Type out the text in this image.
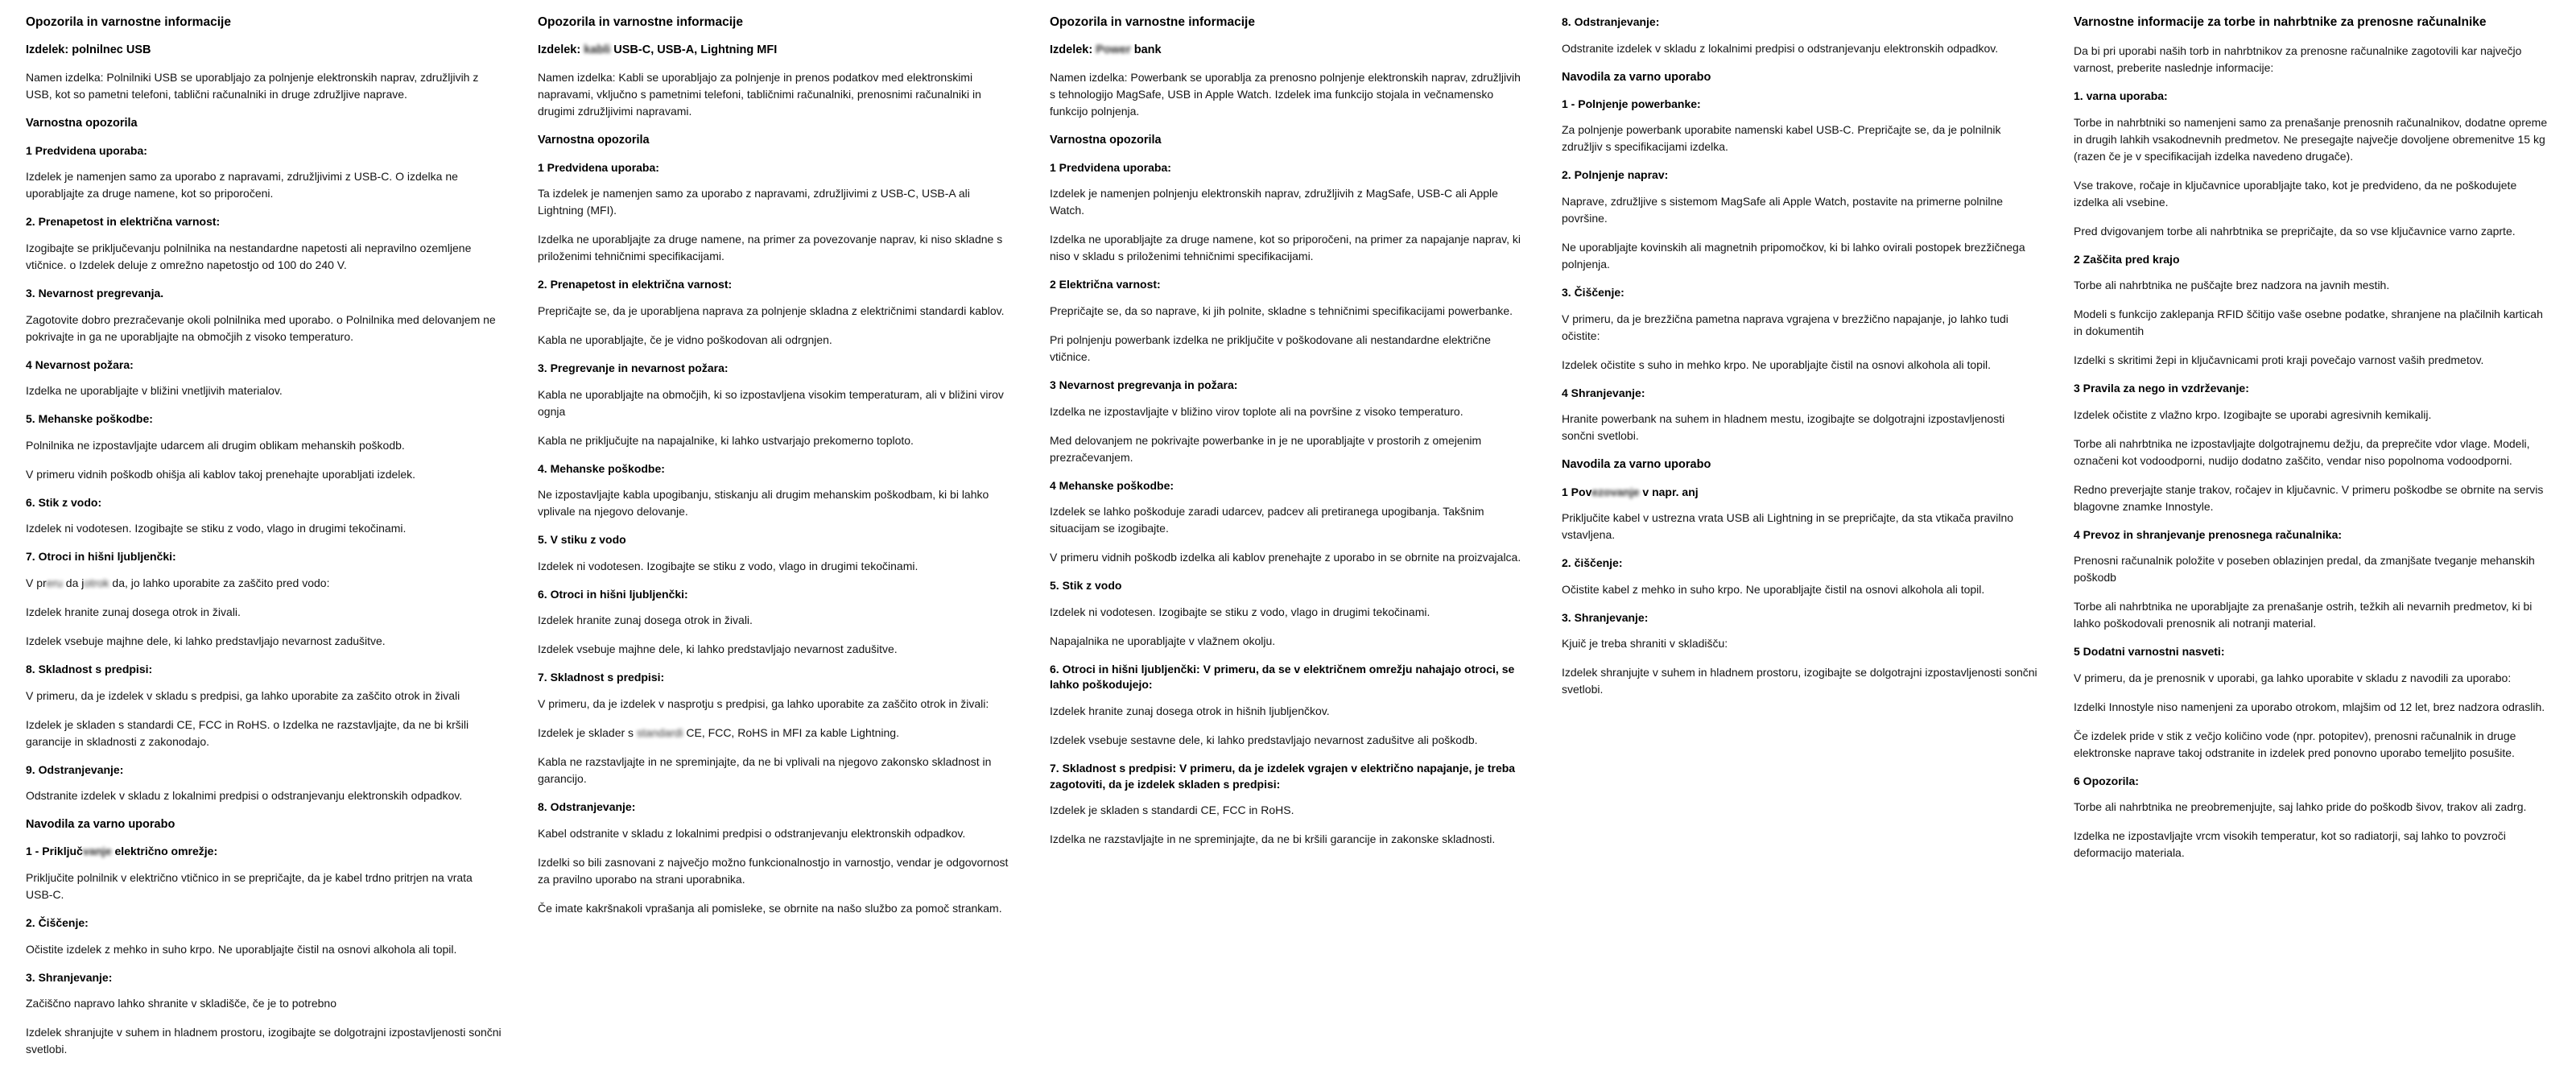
Opozorila in varnostne informacije
Izdelek: polnilnec USB

Namen izdelka: Polnilniki USB se uporabljajo za polnjenje elektronskih naprav, združljivih z USB, kot so pametni telefoni, tablični računalniki in druge združljive naprave.

Varnostna opozorila
1 Predvidena uporaba:

Izdelek je namenjen samo za uporabo z napravami, združljivimi z USB-C. O izdelka ne uporabljajte za druge namene, kot so priporočeni.

2. Prenapetost in električna varnost:

Izogibajte se priključevanju polnilnika na nestandardne napetosti ali nepravilno ozemljene vtičnice. o Izdelek deluje z omrežno napetostjo od 100 do 240 V.

3. Nevarnost pregrevanja.

Zagotovite dobro prezračevanje okoli polnilnika med uporabo. o Polnilnika med delovanjem ne pokrivajte in ga ne uporabljajte na območjih z visoko temperaturo.

4 Nevarnost požara:

Izdelka ne uporabljajte v bližini vnetljivih materialov.

5. Mehanske poškodbe:

Polnilnika ne izpostavljajte udarcem ali drugim oblikam mehanskih poškodb.

V primeru vidnih poškodb ohišja ali kablov takoj prenehajte uporabljati izdelek.

6. Stik z vodo:

Izdelek ni vodotesen. Izogibajte se stiku z vodo, vlago in drugimi tekočinami.

7. Otroci in hišni ljubljenčki:

V preru da jotrok da, jo lahko uporabite za zaščito pred vodo:

Izdelek hranite zunaj dosega otrok in živali.

Izdelek vsebuje majhne dele, ki lahko predstavljajo nevarnost zadušitve.

8. Skladnost s predpisi:

V primeru, da je izdelek v skladu s predpisi, ga lahko uporabite za zaščito otrok in živali

Izdelek je skladen s standardi CE, FCC in RoHS. o Izdelka ne razstavljajte, da ne bi kršili garancije in skladnosti z zakonodajo.

9. Odstranjevanje:

Odstranite izdelek v skladu z lokalnimi predpisi o odstranjevanju elektronskih odpadkov.

Navodila za varno uporabo
1 - Priključvanje električno omrežje:

Priključite polnilnik v električno vtičnico in se prepričajte, da je kabel trdno pritrjen na vrata USB-C.

2. Čiščenje:

Očistite izdelek z mehko in suho krpo. Ne uporabljajte čistil na osnovi alkohola ali topil.

3. Shranjevanje:

Začiščno napravo lahko shranite v skladišče, če je to potrebno

Izdelek shranjujte v suhem in hladnem prostoru, izogibajte se dolgotrajni izpostavljenosti sončni svetlobi.

Opozorila in varnostne informacije
Izdelek: kabli USB-C, USB-A, Lightning MFI

Namen izdelka: Kabli se uporabljajo za polnjenje in prenos podatkov med elektronskimi napravami, vključno s pametnimi telefoni, tabličnimi računalniki, prenosnimi računalniki in drugimi združljivimi napravami.

Varnostna opozorila
1 Predvidena uporaba:

Ta izdelek je namenjen samo za uporabo z napravami, združljivimi z USB-C, USB-A ali Lightning (MFI).

Izdelka ne uporabljajte za druge namene, na primer za povezovanje naprav, ki niso skladne s priloženimi tehničnimi specifikacijami.

2. Prenapetost in električna varnost:

Prepričajte se, da je uporabljena naprava za polnjenje skladna z električnimi standardi kablov.

Kabla ne uporabljajte, če je vidno poškodovan ali odrgnjen.

3. Pregrevanje in nevarnost požara:

Kabla ne uporabljajte na območjih, ki so izpostavljena visokim temperaturam, ali v bližini virov ognja

Kabla ne priključujte na napajalnike, ki lahko ustvarjajo prekomerno toploto.

4. Mehanske poškodbe:

Ne izpostavljajte kabla upogibanju, stiskanju ali drugim mehanskim poškodbam, ki bi lahko vplivale na njegovo delovanje.

5. V stiku z vodo

Izdelek ni vodotesen. Izogibajte se stiku z vodo, vlago in drugimi tekočinami.

6. Otroci in hišni ljubljenčki:

Izdelek hranite zunaj dosega otrok in živali.

Izdelek vsebuje majhne dele, ki lahko predstavljajo nevarnost zadušitve.

7. Skladnost s predpisi:

V primeru, da je izdelek v nasprotju s predpisi, ga lahko uporabite za zaščito otrok in živali:

Izdelek je sklader s standardi CE, FCC, RoHS in MFI za kable Lightning.

Kabla ne razstavljajte in ne spreminjajte, da ne bi vplivali na njegovo zakonsko skladnost in garancijo.

8. Odstranjevanje:

Kabel odstranite v skladu z lokalnimi predpisi o odstranjevanju elektronskih odpadkov.

Izdelki so bili zasnovani z največjo možno funkcionalnostjo in varnostjo, vendar je odgovornost za pravilno uporabo na strani uporabnika.

Če imate kakršnakoli vprašanja ali pomisleke, se obrnite na našo službo za pomoč strankam.

Opozorila in varnostne informacije
Izdelek: Power bank

Namen izdelka: Powerbank se uporablja za prenosno polnjenje elektronskih naprav, združljivih s tehnologijo MagSafe, USB in Apple Watch. Izdelek ima funkcijo stojala in večnamensko funkcijo polnjenja.

Varnostna opozorila
1 Predvidena uporaba:

Izdelek je namenjen polnjenju elektronskih naprav, združljivih z MagSafe, USB-C ali Apple Watch.

Izdelka ne uporabljajte za druge namene, kot so priporočeni, na primer za napajanje naprav, ki niso v skladu s priloženimi tehničnimi specifikacijami.

2 Električna varnost:

Prepričajte se, da so naprave, ki jih polnite, skladne s tehničnimi specifikacijami powerbanke.

Pri polnjenju powerbank izdelka ne priključite v poškodovane ali nestandardne električne vtičnice.

3 Nevarnost pregrevanja in požara:

Izdelka ne izpostavljajte v bližino virov toplote ali na površine z visoko temperaturo.

Med delovanjem ne pokrivajte powerbanke in je ne uporabljajte v prostorih z omejenim prezračevanjem.

4 Mehanske poškodbe:

Izdelek se lahko poškoduje zaradi udarcev, padcev ali pretiranega upogibanja. Takšnim situacijam se izogibajte.

V primeru vidnih poškodb izdelka ali kablov prenehajte z uporabo in se obrnite na proizvajalca.

5. Stik z vodo

Izdelek ni vodotesen. Izogibajte se stiku z vodo, vlago in drugimi tekočinami.

Napajalnika ne uporabljajte v vlažnem okolju.

6. Otroci in hišni ljubljenčki: V primeru, da se v električnem omrežju nahajajo otroci, se lahko poškodujejo:

Izdelek hranite zunaj dosega otrok in hišnih ljubljenčkov.

Izdelek vsebuje sestavne dele, ki lahko predstavljajo nevarnost zadušitve ali poškodb.

7. Skladnost s predpisi: V primeru, da je izdelek vgrajen v električno napajanje, je treba zagotoviti, da je izdelek skladen s predpisi:

Izdelek je skladen s standardi CE, FCC in RoHS.

Izdelka ne razstavljajte in ne spreminjajte, da ne bi kršili garancije in zakonske skladnosti.

8. Odstranjevanje:

Odstranite izdelek v skladu z lokalnimi predpisi o odstranjevanju elektronskih odpadkov.

Navodila za varno uporabo
1 - Polnjenje powerbanke:

Za polnjenje powerbank uporabite namenski kabel USB-C. Prepričajte se, da je polnilnik združljiv s specifikacijami izdelka.

2. Polnjenje naprav:

Naprave, združljive s sistemom MagSafe ali Apple Watch, postavite na primerne polnilne površine.

Ne uporabljajte kovinskih ali magnetnih pripomočkov, ki bi lahko ovirali postopek brezžičnega polnjenja.

3. Čiščenje:

V primeru, da je brezžična pametna naprava vgrajena v brezžično napajanje, jo lahko tudi očistite:

Izdelek očistite s suho in mehko krpo. Ne uporabljajte čistil na osnovi alkohola ali topil.

4 Shranjevanje:

Hranite powerbank na suhem in hladnem mestu, izogibajte se dolgotrajni izpostavljenosti sončni svetlobi.

Navodila za varno uporabo
1 Povezovanje v napr. anj

Priključite kabel v ustrezna vrata USB ali Lightning in se prepričajte, da sta vtikača pravilno vstavljena.

2. čiščenje:

Očistite kabel z mehko in suho krpo. Ne uporabljajte čistil na osnovi alkohola ali topil.

3. Shranjevanje:

Kjuič je treba shraniti v skladišču:

Izdelek shranjujte v suhem in hladnem prostoru, izogibajte se dolgotrajni izpostavljenosti sončni svetlobi.

Varnostne informacije za torbe in nahrbtnike za prenosne računalnike

Da bi pri uporabi naših torb in nahrbtnikov za prenosne računalnike zagotovili kar največjo varnost, preberite naslednje informacije:

1. varna uporaba:

Torbe in nahrbtniki so namenjeni samo za prenašanje prenosnih računalnikov, dodatne opreme in drugih lahkih vsakodnevnih predmetov. Ne presegajte največje dovoljene obremenitve 15 kg (razen če je v specifikacijah izdelka navedeno drugače).

Vse trakove, ročaje in ključavnice uporabljajte tako, kot je predvideno, da ne poškodujete izdelka ali vsebine.

Pred dvigovanjem torbe ali nahrbtnika se prepričajte, da so vse ključavnice varno zaprte.

2 Zaščita pred krajo

Torbe ali nahrbtnika ne puščajte brez nadzora na javnih mestih.

Modeli s funkcijo zaklepanja RFID ščitijo vaše osebne podatke, shranjene na plačilnih karticah in dokumentih

Izdelki s skritimi žepi in ključavnicami proti kraji povečajo varnost vaših predmetov.

3 Pravila za nego in vzdrževanje:

Izdelek očistite z vlažno krpo. Izogibajte se uporabi agresivnih kemikalij.

Torbe ali nahrbtnika ne izpostavljajte dolgotrajnemu dežju, da preprečite vdor vlage. Modeli, označeni kot vodoodporni, nudijo dodatno zaščito, vendar niso popolnoma vodoodporni.

Redno preverjajte stanje trakov, ročajev in ključavnic. V primeru poškodbe se obrnite na servis blagovne znamke Innostyle.

4 Prevoz in shranjevanje prenosnega računalnika:

Prenosni računalnik položite v poseben oblazinjen predal, da zmanjšate tveganje mehanskih poškodb

Torbe ali nahrbtnika ne uporabljajte za prenašanje ostrih, težkih ali nevarnih predmetov, ki bi lahko poškodovali prenosnik ali notranji material.

5 Dodatni varnostni nasveti:

V primeru, da je prenosnik v uporabi, ga lahko uporabite v skladu z navodili za uporabo:

Izdelki Innostyle niso namenjeni za uporabo otrokom, mlajšim od 12 let, brez nadzora odraslih.

Če izdelek pride v stik z večjo količino vode (npr. potopitev), prenosni računalnik in druge elektronske naprave takoj odstranite in izdelek pred ponovno uporabo temeljito posušite.

6 Opozorila:

Torbe ali nahrbtnika ne preobremenjujte, saj lahko pride do poškodb šivov, trakov ali zadrg.

Izdelka ne izpostavljajte vrcm visokih temperatur, kot so radiatorji, saj lahko to povzroči deformacijo materiala.
